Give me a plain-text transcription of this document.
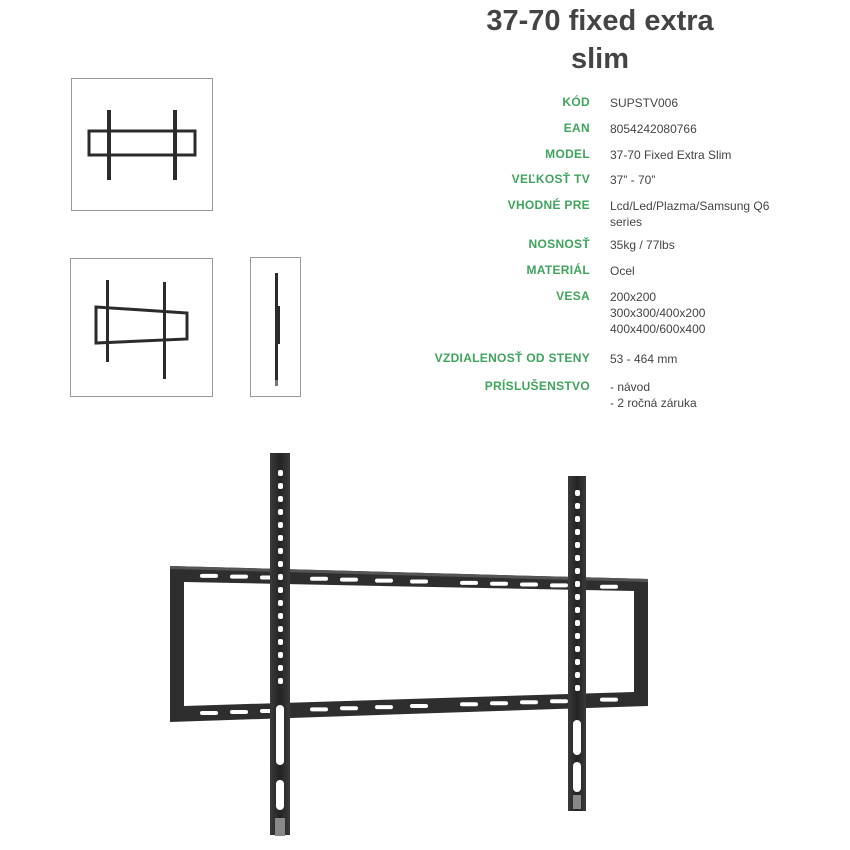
37-70 fixed extra
slim
KÓD SUPSTV006
EAN 8054242080766
MODEL 37-70 Fixed Extra Slim
VEĽKOSŤ TV 37” - 70”
VHODNÉ PRE Lcd/Led/Plazma/Samsung Q6
series
NOSNOSŤ 35kg / 77lbs
MATERIÁL Ocel
VESA 200x200
300x300/400x200
400x400/600x400
VZDIALENOSŤ OD STENY 53 - 464 mm
PRÍSLUŠENSTVO - návod
- 2 ročná záruka
